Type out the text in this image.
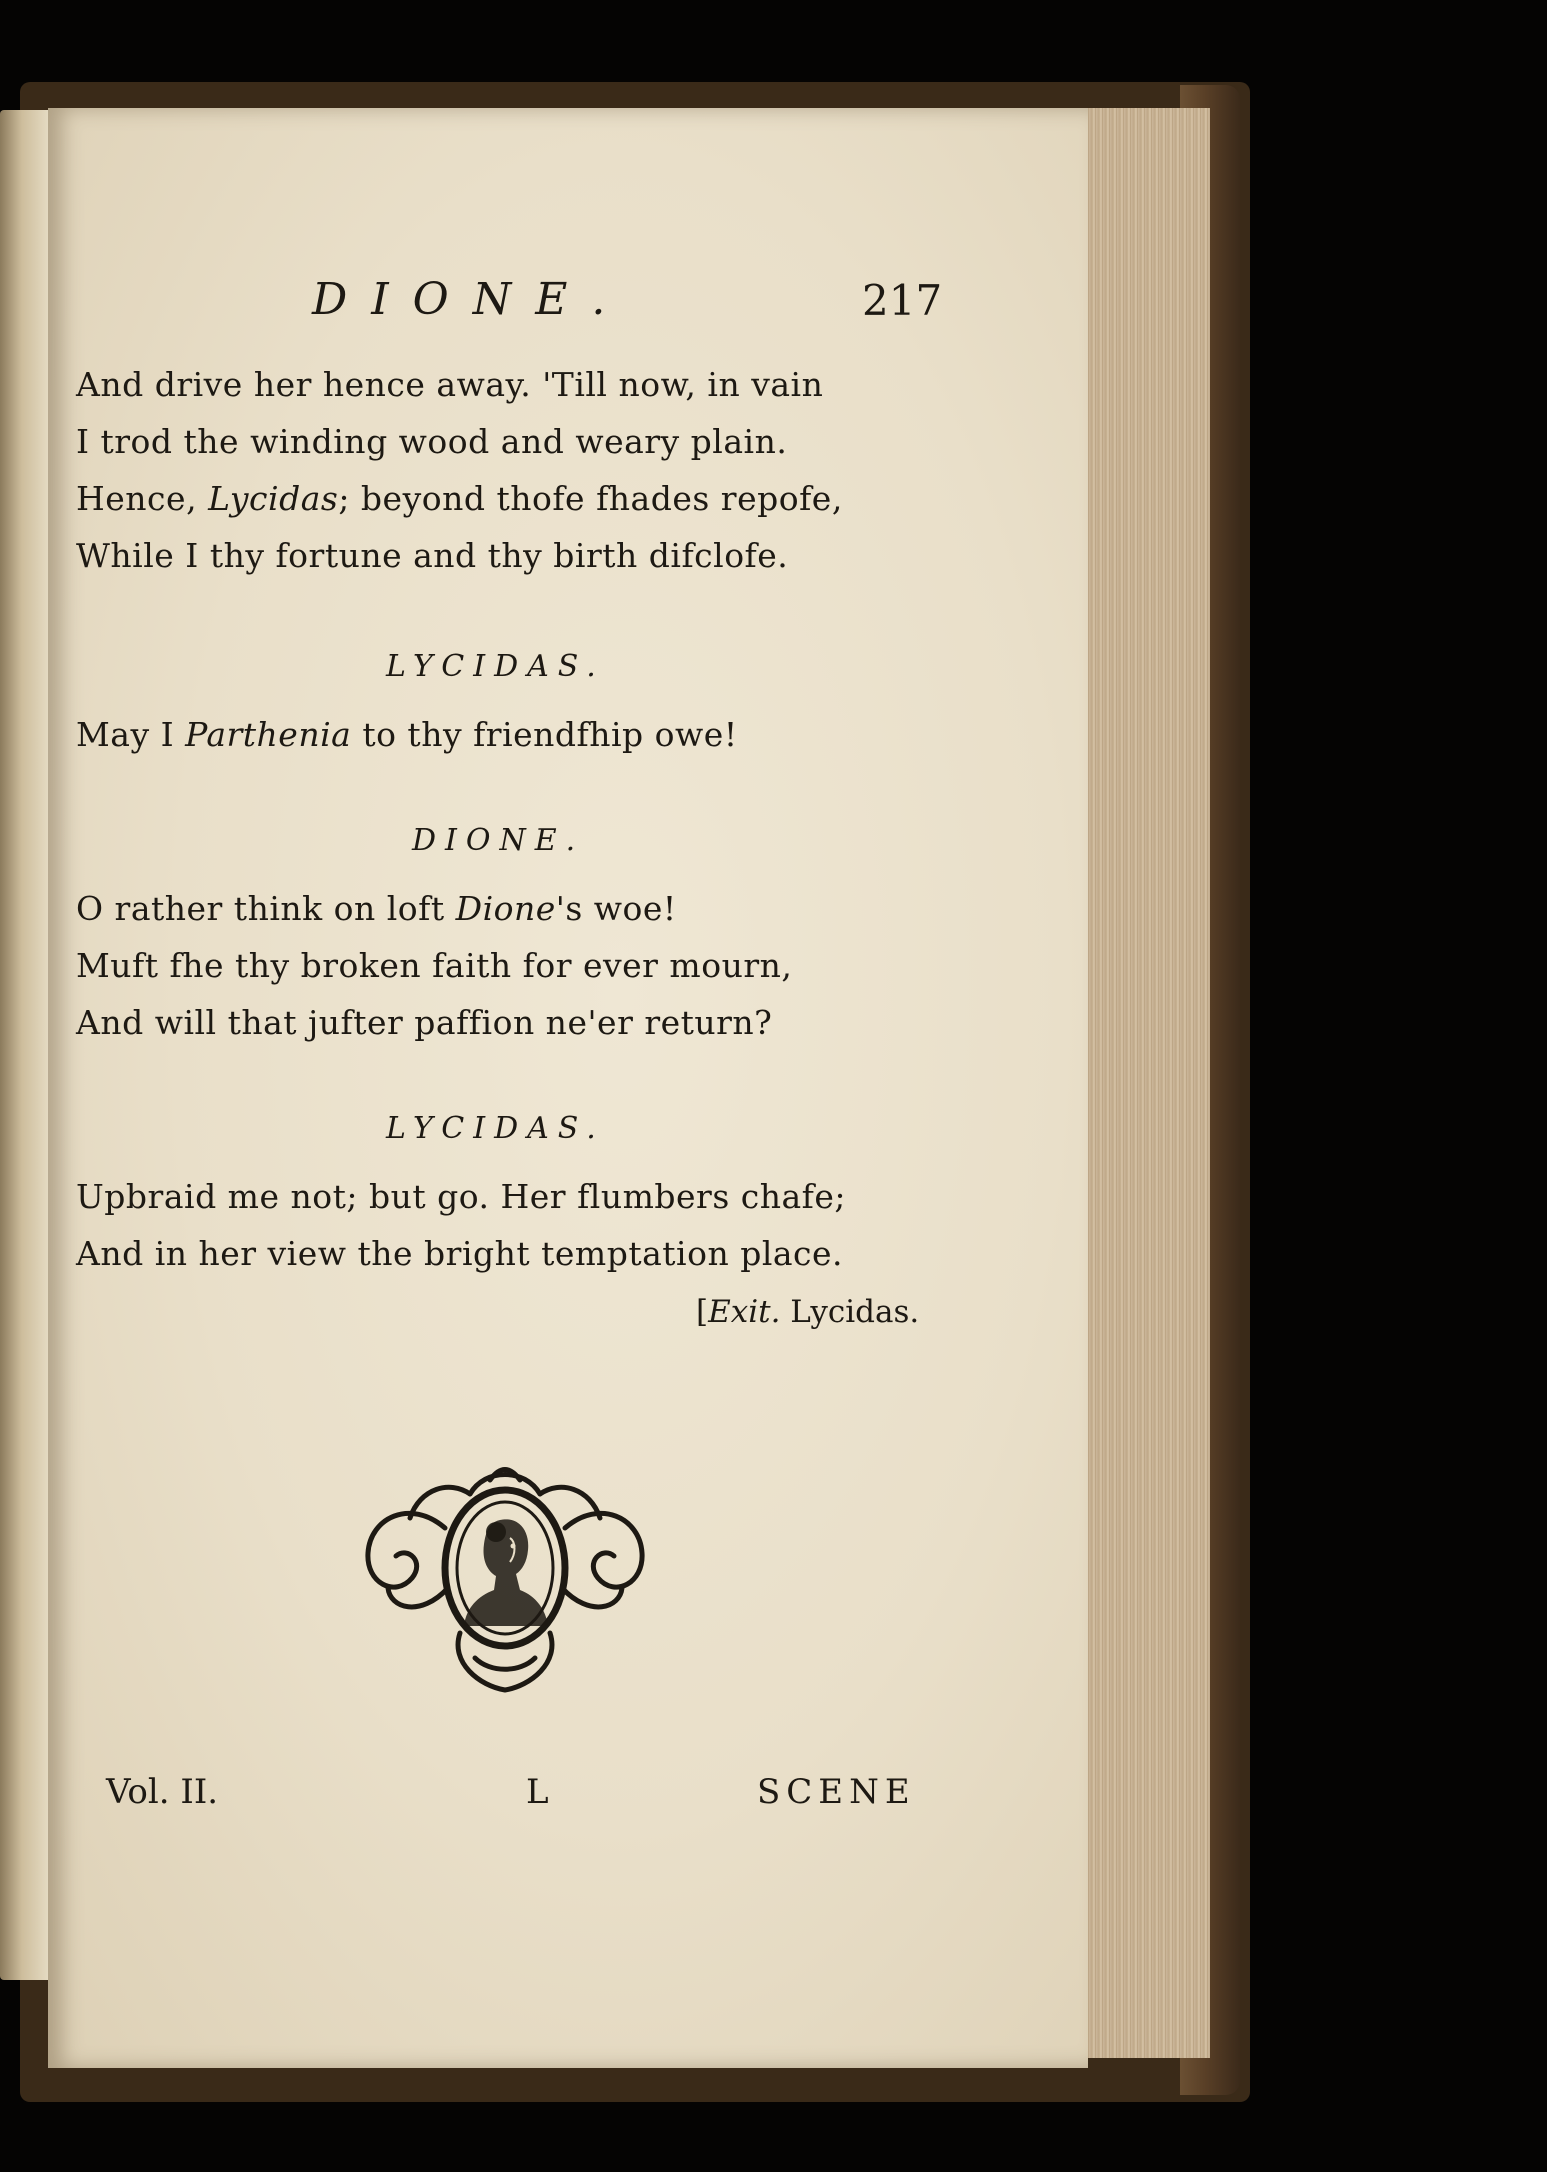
DIONE.	217
And drive her hence away. 'Till now, in vain
I trod the winding wood and weary plain.
Hence, Lycidas; beyond thofe fhades repofe,
While I thy fortune and thy birth difclofe.
LYCIDAS.
May I Parthenia to thy friendfhip owe!
DIONE.
O rather think on loft Dione's woe!
Muft fhe thy broken faith for ever mourn,
And will that jufter paffion ne'er return?
LYCIDAS.
Upbraid me not; but go. Her flumbers chafe;
And in her view the bright temptation place.
[Exit. Lycidas.
Vol. II.	L	SCENE
